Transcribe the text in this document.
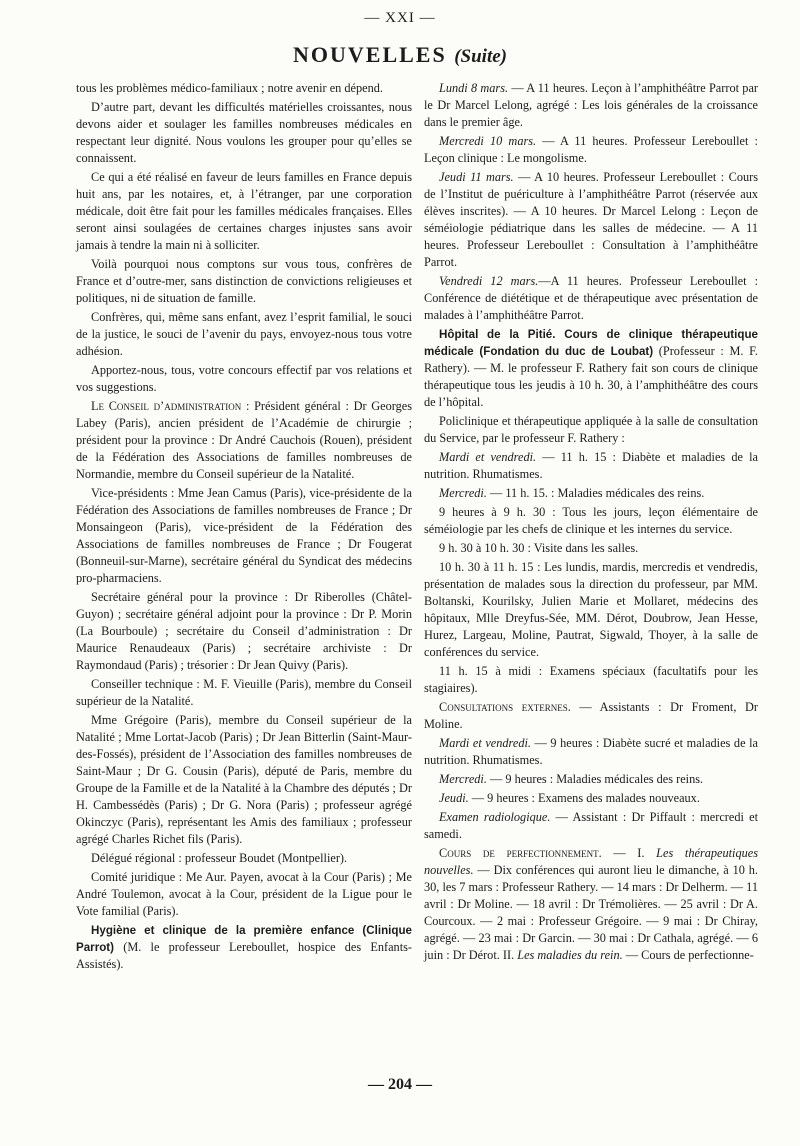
— XXI —
NOUVELLES (Suite)

tous les problèmes médico-familiaux ; notre avenir en dépend.

D’autre part, devant les difficultés matérielles croissantes, nous devons aider et soulager les familles nombreuses médicales en respectant leur dignité. Nous voulons les grouper pour qu’elles se connaissent.

Ce qui a été réalisé en faveur de leurs familles en France depuis huit ans, par les notaires, et, à l’étranger, par une corporation médicale, doit être fait pour les familles médicales françaises. Elles seront ainsi soulagées de certaines charges injustes sans avoir jamais à tendre la main ni à solliciter.

Voilà pourquoi nous comptons sur vous tous, confrères de France et d’outre-mer, sans distinction de convictions religieuses et politiques, ni de situation de famille.

Confrères, qui, même sans enfant, avez l’esprit familial, le souci de la justice, le souci de l’avenir du pays, envoyez-nous tous votre adhésion.

Apportez-nous, tous, votre concours effectif par vos relations et vos suggestions.

Le Conseil d’administration : Président général : Dr Georges Labey (Paris), ancien président de l’Académie de chirurgie ; président pour la province : Dr André Cauchois (Rouen), président de la Fédération des Associations de familles nombreuses de Normandie, membre du Conseil supérieur de la Natalité.

Vice-présidents : Mme Jean Camus (Paris), vice-présidente de la Fédération des Associations de familles nombreuses de France ; Dr Monsaingeon (Paris), vice-président de la Fédération des Associations de familles nombreuses de France ; Dr Fougerat (Bonneuil-sur-Marne), secrétaire général du Syndicat des médecins pro-pharmaciens.

Secrétaire général pour la province : Dr Riberolles (Châtel-Guyon) ; secrétaire général adjoint pour la province : Dr P. Morin (La Bourboule) ; secrétaire du Conseil d’administration : Dr Maurice Renaudeaux (Paris) ; secrétaire archiviste : Dr Raymondaud (Paris) ; trésorier : Dr Jean Quivy (Paris).

Conseiller technique : M. F. Vieuille (Paris), membre du Conseil supérieur de la Natalité.

Mme Grégoire (Paris), membre du Conseil supérieur de la Natalité ; Mme Lortat-Jacob (Paris) ; Dr Jean Bitterlin (Saint-Maur-des-Fossés), président de l’Association des familles nombreuses de Saint-Maur ; Dr G. Cousin (Paris), député de Paris, membre du Groupe de la Famille et de la Natalité à la Chambre des députés ; Dr H. Cambessédès (Paris) ; Dr G. Nora (Paris) ; professeur agrégé Okinczyc (Paris), représentant les Amis des familiaux ; professeur agrégé Charles Richet fils (Paris).

Délégué régional : professeur Boudet (Montpellier).

Comité juridique : Me Aur. Payen, avocat à la Cour (Paris) ; Me André Toulemon, avocat à la Cour, président de la Ligue pour le Vote familial (Paris).

Hygiène et clinique de la première enfance (Clinique Parrot) (M. le professeur Lereboullet, hospice des Enfants-Assistés).

Lundi 8 mars. — A 11 heures. Leçon à l’amphithéâtre Parrot par le Dr Marcel Lelong, agrégé : Les lois générales de la croissance dans le premier âge.

Mercredi 10 mars. — A 11 heures. Professeur Lereboullet : Leçon clinique : Le mongolisme.

Jeudi 11 mars. — A 10 heures. Professeur Lereboullet : Cours de l’Institut de puériculture à l’amphithéâtre Parrot (réservée aux élèves inscrites). — A 10 heures. Dr Marcel Lelong : Leçon de séméiologie pédiatrique dans les salles de médecine. — A 11 heures. Professeur Lereboullet : Consultation à l’amphithéâtre Parrot.

Vendredi 12 mars.—A 11 heures. Professeur Lereboullet : Conférence de diététique et de thérapeutique avec présentation de malades à l’amphithéâtre Parrot.

Hôpital de la Pitié. Cours de clinique thérapeutique médicale (Fondation du duc de Loubat) (Professeur : M. F. Rathery). — M. le professeur F. Rathery fait son cours de clinique thérapeutique tous les jeudis à 10 h. 30, à l’amphithéâtre des cours de l’hôpital.

Policlinique et thérapeutique appliquée à la salle de consultation du Service, par le professeur F. Rathery :

Mardi et vendredi. — 11 h. 15 : Diabète et maladies de la nutrition. Rhumatismes.

Mercredi. — 11 h. 15. : Maladies médicales des reins.

9 heures à 9 h. 30 : Tous les jours, leçon élémentaire de séméiologie par les chefs de clinique et les internes du service.

9 h. 30 à 10 h. 30 : Visite dans les salles.

10 h. 30 à 11 h. 15 : Les lundis, mardis, mercredis et vendredis, présentation de malades sous la direction du professeur, par MM. Boltanski, Kourilsky, Julien Marie et Mollaret, médecins des hôpitaux, Mlle Dreyfus-Sée, MM. Dérot, Doubrow, Jean Hesse, Hurez, Largeau, Moline, Pautrat, Sigwald, Thoyer, à la salle de conférences du service.

11 h. 15 à midi : Examens spéciaux (facultatifs pour les stagiaires).

Consultations externes. — Assistants : Dr Froment, Dr Moline.

Mardi et vendredi. — 9 heures : Diabète sucré et maladies de la nutrition. Rhumatismes.

Mercredi. — 9 heures : Maladies médicales des reins.

Jeudi. — 9 heures : Examens des malades nouveaux.

Examen radiologique. — Assistant : Dr Piffault : mercredi et samedi.

Cours de perfectionnement. — I. Les thérapeutiques nouvelles. — Dix conférences qui auront lieu le dimanche, à 10 h. 30, les 7 mars : Professeur Rathery. — 14 mars : Dr Delherm. — 11 avril : Dr Moline. — 18 avril : Dr Trémolières. — 25 avril : Dr A. Courcoux. — 2 mai : Professeur Grégoire. — 9 mai : Dr Chiray, agrégé. — 23 mai : Dr Garcin. — 30 mai : Dr Cathala, agrégé. — 6 juin : Dr Dérot. II. Les maladies du rein. — Cours de perfectionne-

— 204 —
